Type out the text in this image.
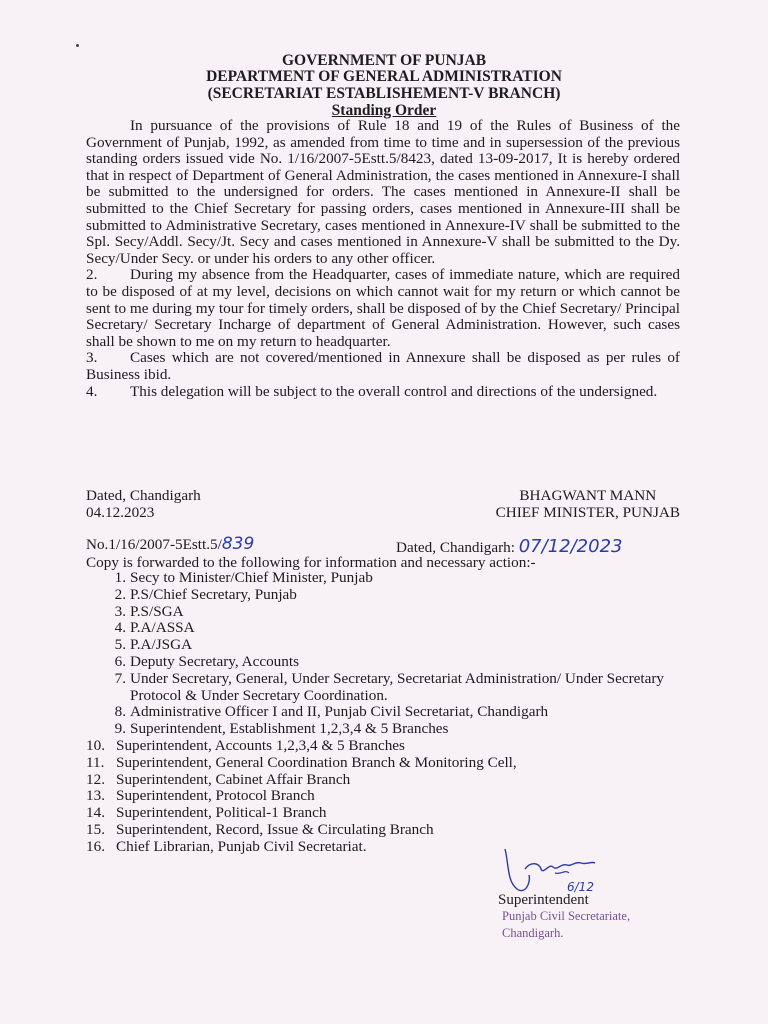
GOVERNMENT OF PUNJAB
DEPARTMENT OF GENERAL ADMINISTRATION
(SECRETARIAT ESTABLISHEMENT-V BRANCH)
Standing Order

In pursuance of the provisions of Rule 18 and 19 of the Rules of Business of the Government of Punjab, 1992, as amended from time to time and in supersession of the previous standing orders issued vide No. 1/16/2007-5Estt.5/8423, dated 13-09-2017, It is hereby ordered that in respect of Department of General Administration, the cases mentioned in Annexure-I shall be submitted to the undersigned for orders. The cases mentioned in Annexure-II shall be submitted to the Chief Secretary for passing orders, cases mentioned in Annexure-III shall be submitted to Administrative Secretary, cases mentioned in Annexure-IV shall be submitted to the Spl. Secy/Addl. Secy/Jt. Secy and cases mentioned in Annexure-V shall be submitted to the Dy. Secy/Under Secy. or under his orders to any other officer.

2. During my absence from the Headquarter, cases of immediate nature, which are required to be disposed of at my level, decisions on which cannot wait for my return or which cannot be sent to me during my tour for timely orders, shall be disposed of by the Chief Secretary/ Principal Secretary/ Secretary Incharge of department of General Administration. However, such cases shall be shown to me on my return to headquarter.

3. Cases which are not covered/mentioned in Annexure shall be disposed as per rules of Business ibid.

4. This delegation will be subject to the overall control and directions of the undersigned.

Dated, Chandigarh
04.12.2023
BHAGWANT MANN
CHIEF MINISTER, PUNJAB
No.1/16/2007-5Estt.5/839	Dated, Chandigarh: 07/12/2023
Copy is forwarded to the following for information and necessary action:-
1. Secy to Minister/Chief Minister, Punjab
2. P.S/Chief Secretary, Punjab
3. P.S/SGA
4. P.A/ASSA
5. P.A/JSGA
6. Deputy Secretary, Accounts
7. Under Secretary, General, Under Secretary, Secretariat Administration/ Under Secretary Protocol & Under Secretary Coordination.
8. Administrative Officer I and II, Punjab Civil Secretariat, Chandigarh
9. Superintendent, Establishment 1,2,3,4 & 5 Branches
10. Superintendent, Accounts 1,2,3,4 & 5 Branches
11. Superintendent, General Coordination Branch & Monitoring Cell,
12. Superintendent, Cabinet Affair Branch
13. Superintendent, Protocol Branch
14. Superintendent, Political-1 Branch
15. Superintendent, Record, Issue & Circulating Branch
16. Chief Librarian, Punjab Civil Secretariat.
6/12
Superintendent
Punjab Civil Secretariate,
Chandigarh.
